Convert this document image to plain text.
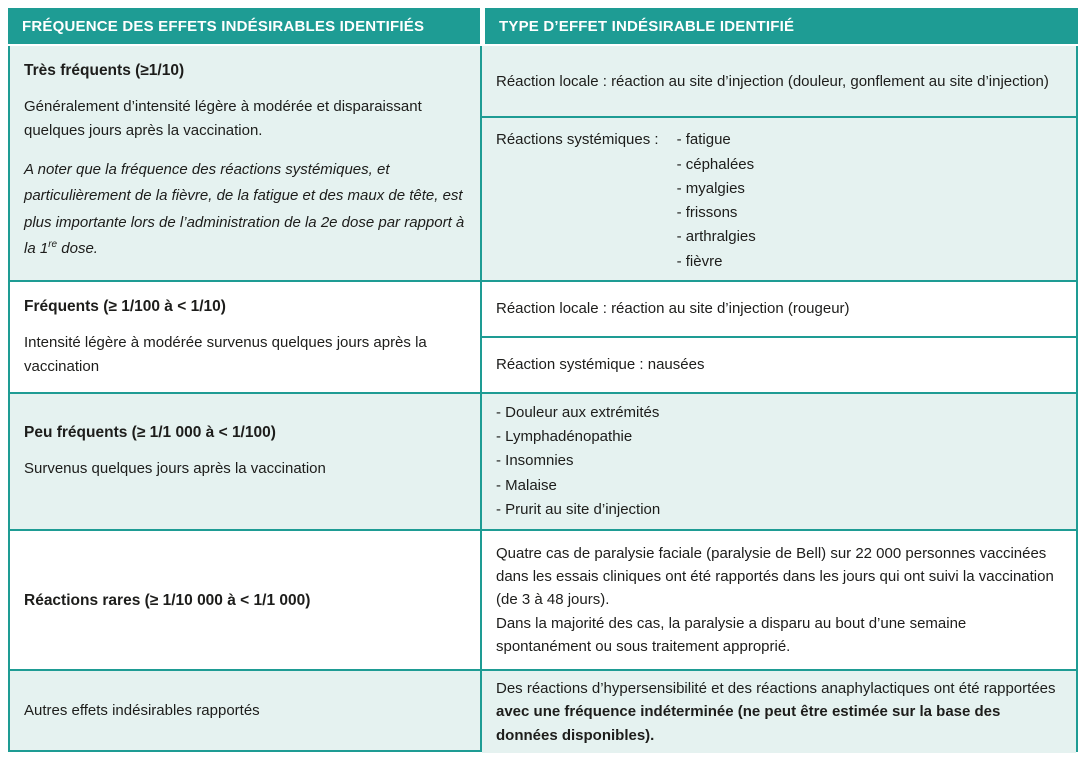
FRÉQUENCE DES EFFETS INDÉSIRABLES IDENTIFIÉS	TYPE D’EFFET INDÉSIRABLE IDENTIFIÉ
Très fréquents (≥1/10)
Généralement d’intensité légère à modérée et disparaissant quelques jours après la vaccination.
A noter que la fréquence des réactions systémiques, et particulièrement de la fièvre, de la fatigue et des maux de tête, est plus importante lors de l’administration de la 2e dose par rapport à la 1re dose.
Réaction locale : réaction au site d’injection (douleur, gonflement au site d’injection)
Réactions systémiques : - fatigue
- céphalées
- myalgies
- frissons
- arthralgies
- fièvre
Fréquents (≥ 1/100 à < 1/10)
Intensité légère à modérée survenus quelques jours après la vaccination
Réaction locale : réaction au site d’injection (rougeur)
Réaction systémique : nausées
Peu fréquents (≥ 1/1 000 à < 1/100)
Survenus quelques jours après la vaccination
- Douleur aux extrémités
- Lymphadénopathie
- Insomnies
- Malaise
- Prurit au site d’injection
Réactions rares (≥ 1/10 000 à < 1/1 000)
Quatre cas de paralysie faciale (paralysie de Bell) sur 22 000 personnes vaccinées dans les essais cliniques ont été rapportés dans les jours qui ont suivi la vaccination (de 3 à 48 jours).
Dans la majorité des cas, la paralysie a disparu au bout d’une semaine spontanément ou sous traitement approprié.
Autres effets indésirables rapportés
Des réactions d’hypersensibilité et des réactions anaphylactiques ont été rapportées avec une fréquence indéterminée (ne peut être estimée sur la base des données disponibles).
